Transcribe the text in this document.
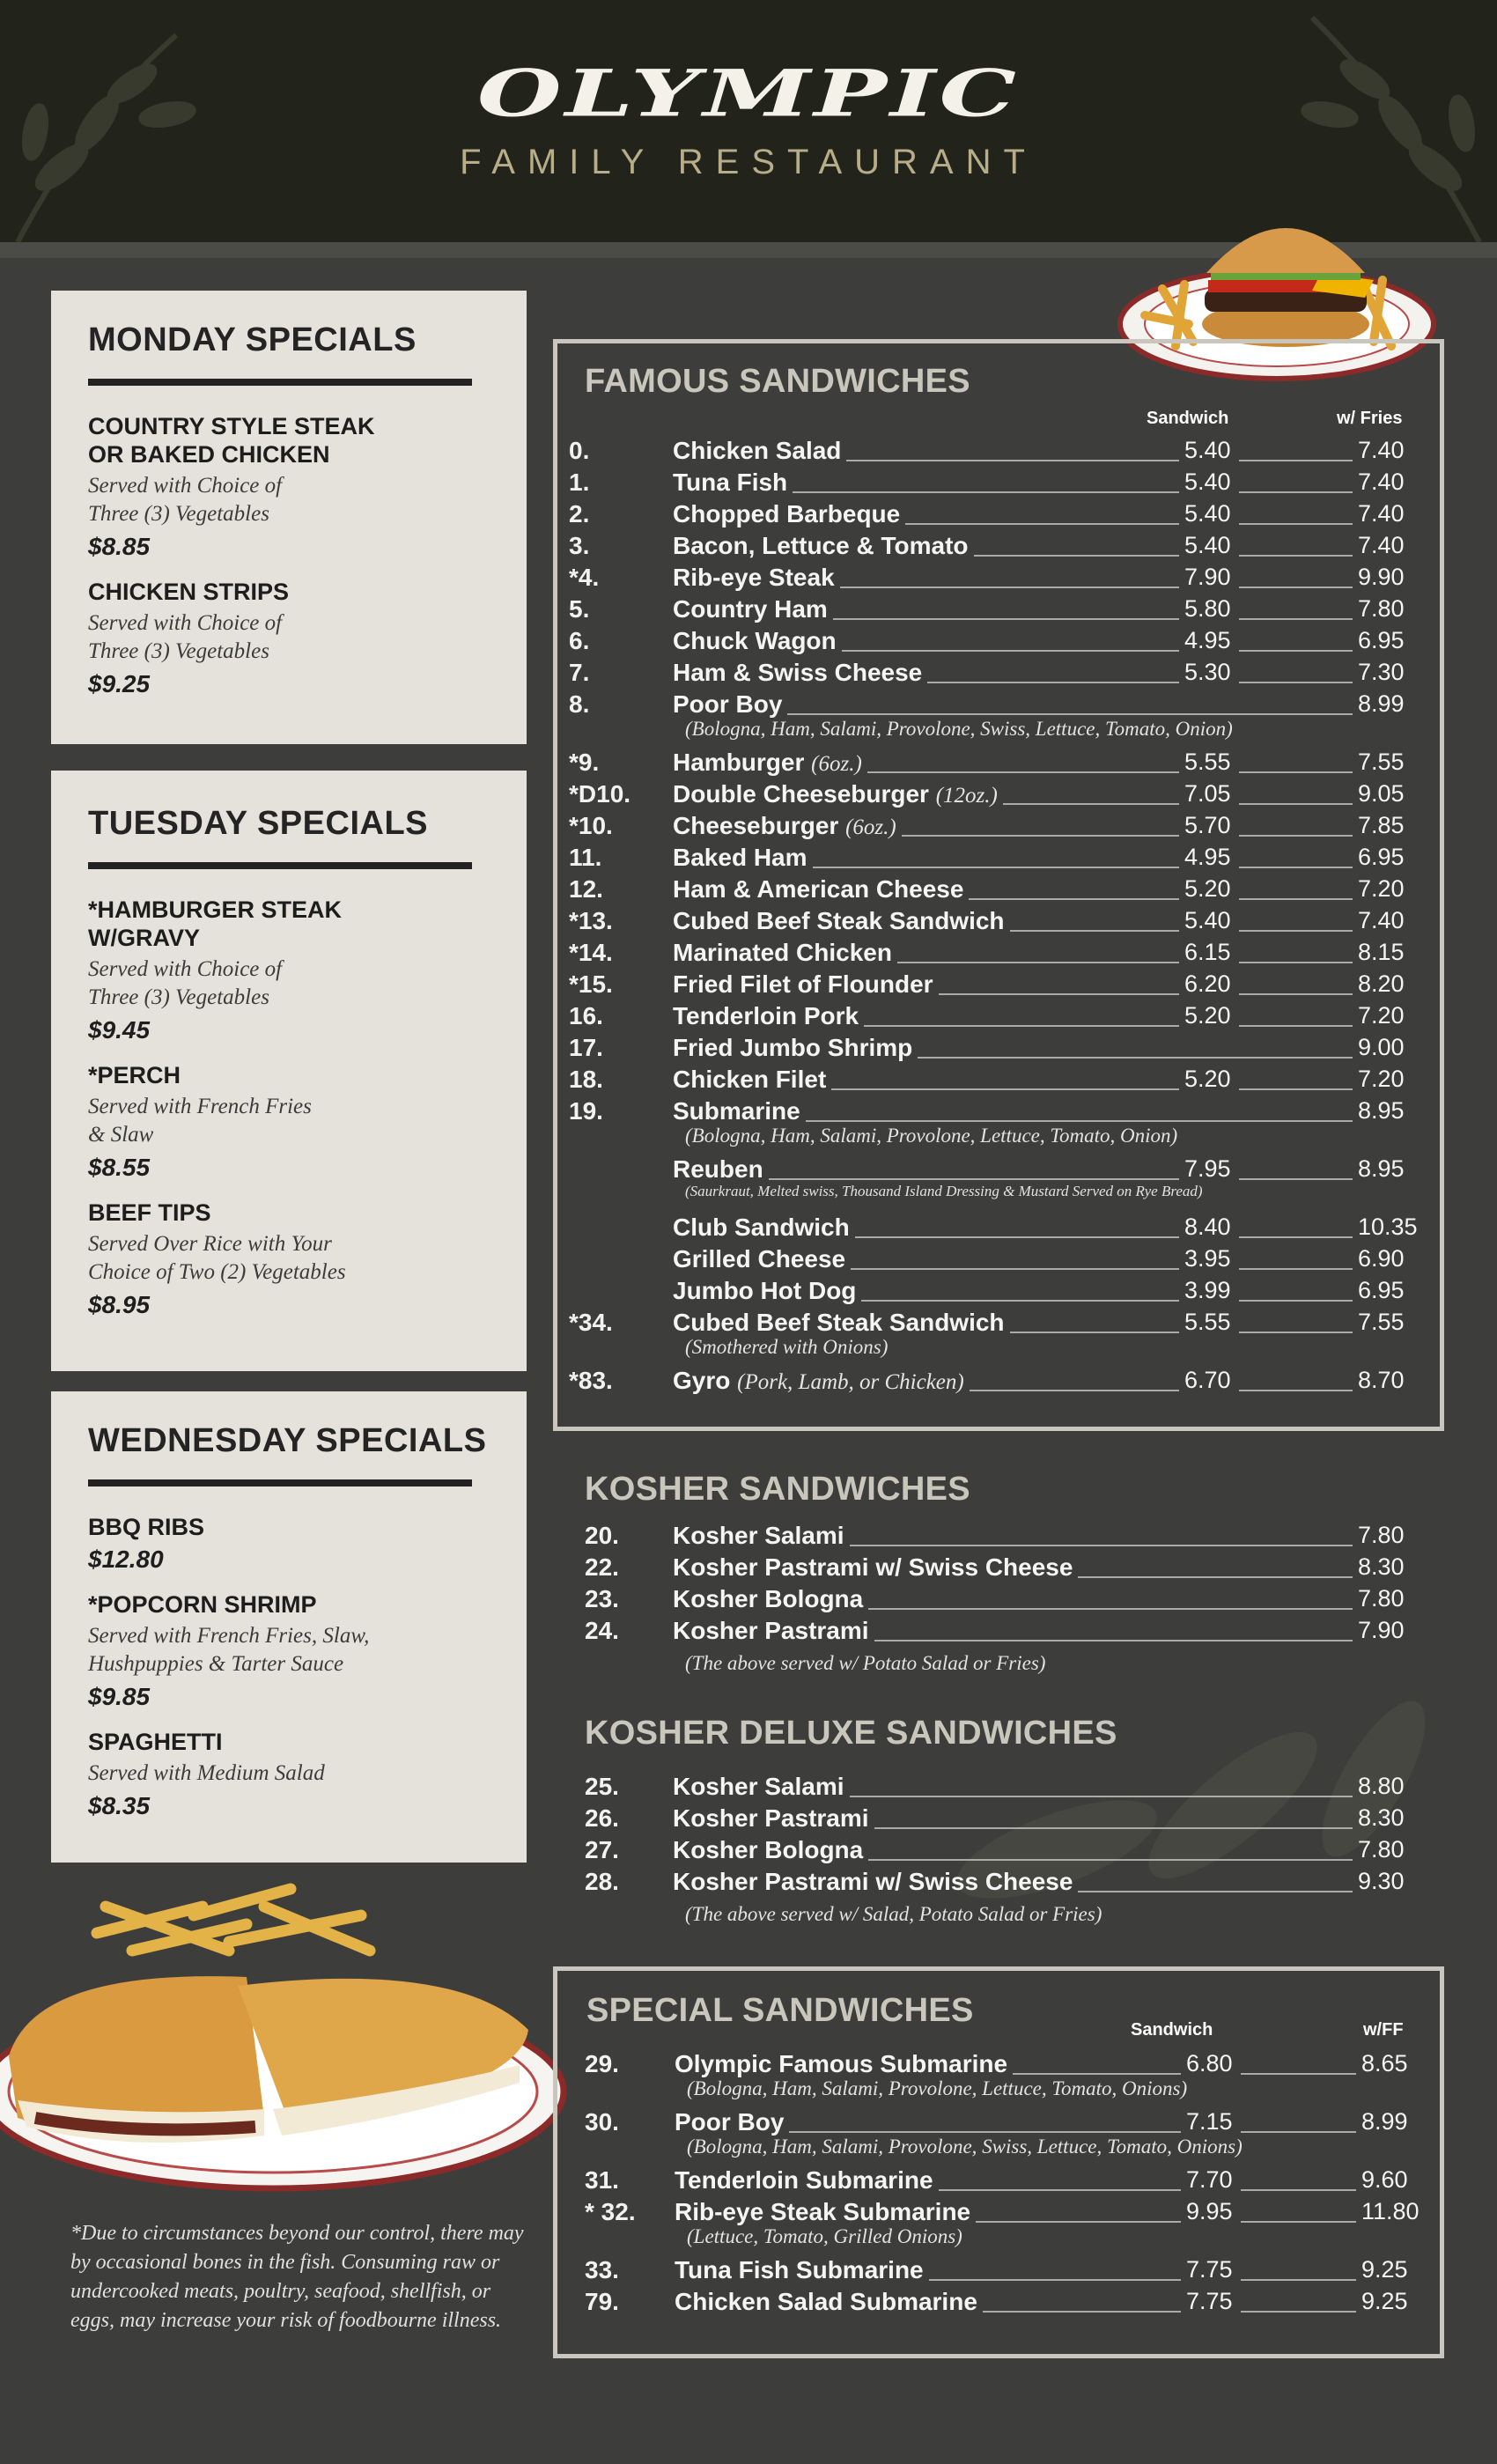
OLYMPIC
FAMILY RESTAURANT
MONDAY SPECIALS
COUNTRY STYLE STEAK
OR BAKED CHICKEN
Served with Choice of
Three (3) Vegetables
$8.85
CHICKEN STRIPS
Served with Choice of
Three (3) Vegetables
$9.25
TUESDAY SPECIALS
*HAMBURGER STEAK
W/GRAVY
Served with Choice of
Three (3) Vegetables
$9.45
*PERCH
Served with French Fries
& Slaw
$8.55
BEEF TIPS
Served Over Rice with Your
Choice of Two (2) Vegetables
$8.95
WEDNESDAY SPECIALS
BBQ RIBS
$12.80
*POPCORN SHRIMP
Served with French Fries, Slaw,
Hushpuppies & Tarter Sauce
$9.85
SPAGHETTI
Served with Medium Salad
$8.35
FAMOUS SANDWICHES
Sandwich	w/ Fries
0.	Chicken Salad	5.40	7.40
1.	Tuna Fish	5.40	7.40
2.	Chopped Barbeque	5.40	7.40
3.	Bacon, Lettuce & Tomato	5.40	7.40
*4.	Rib-eye Steak	7.90	9.90
5.	Country Ham	5.80	7.80
6.	Chuck Wagon	4.95	6.95
7.	Ham & Swiss Cheese	5.30	7.30
8.	Poor Boy	8.99
(Bologna, Ham, Salami, Provolone, Swiss, Lettuce, Tomato, Onion)
*9.	Hamburger (6oz.)	5.55	7.55
*D10. Double Cheeseburger (12oz.)	7.05	9.05
*10. Cheeseburger (6oz.)	5.70	7.85
11.	Baked Ham	4.95	6.95
12.	Ham & American Cheese	5.20	7.20
*13. Cubed Beef Steak Sandwich	5.40	7.40
*14. Marinated Chicken	6.15	8.15
*15. Fried Filet of Flounder	6.20	8.20
16.	Tenderloin Pork	5.20	7.20
17.	Fried Jumbo Shrimp	9.00
18.	Chicken Filet	5.20	7.20
19.	Submarine	8.95
(Bologna, Ham, Salami, Provolone, Lettuce, Tomato, Onion)
Reuben	7.95	8.95
(Saurkraut, Melted swiss, Thousand Island Dressing & Mustard Served on Rye Bread)
Club Sandwich	8.40	10.35
Grilled Cheese	3.95	6.90
Jumbo Hot Dog	3.99	6.95
*34. Cubed Beef Steak Sandwich	5.55	7.55
(Smothered with Onions)
*83. Gyro (Pork, Lamb, or Chicken)	6.70	8.70
KOSHER SANDWICHES
20. Kosher Salami	7.80
22. Kosher Pastrami w/ Swiss Cheese	8.30
23. Kosher Bologna	7.80
24. Kosher Pastrami	7.90
(The above served w/ Potato Salad or Fries)
KOSHER DELUXE SANDWICHES
25. Kosher Salami	8.80
26. Kosher Pastrami	8.30
27. Kosher Bologna	7.80
28. Kosher Pastrami w/ Swiss Cheese	9.30
(The above served w/ Salad, Potato Salad or Fries)
SPECIAL SANDWICHES
Sandwich	w/FF
29. Olympic Famous Submarine	6.80	8.65
(Bologna, Ham, Salami, Provolone, Lettuce, Tomato, Onions)
30. Poor Boy	7.15	8.99
(Bologna, Ham, Salami, Provolone, Swiss, Lettuce, Tomato, Onions)
31. Tenderloin Submarine	7.70	9.60
* 32. Rib-eye Steak Submarine	9.95	11.80
(Lettuce, Tomato, Grilled Onions)
33. Tuna Fish Submarine	7.75	9.25
79. Chicken Salad Submarine	7.75	9.25
*Due to circumstances beyond our control, there may by occasional bones in the fish. Consuming raw or undercooked meats, poultry, seafood, shellfish, or eggs, may increase your risk of foodbourne illness.
